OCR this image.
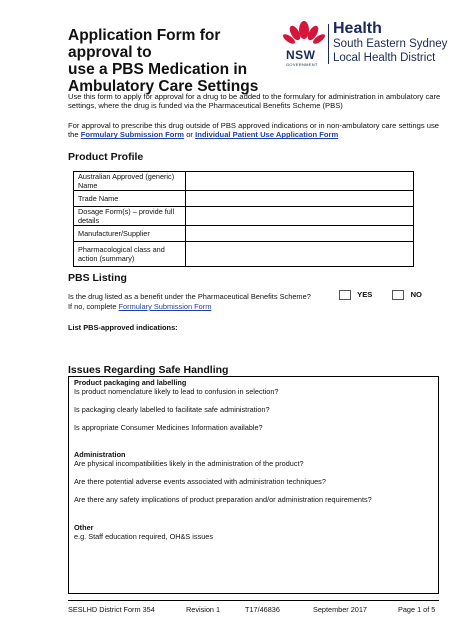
Application Form for approval to
use a PBS Medication in
Ambulatory Care Settings
NSW
GOVERNMENT
Health
South Eastern Sydney
Local Health District
Use this form to apply for approval for a drug to be added to the formulary for administration in ambulatory care settings, where the drug is funded via the Pharmaceutical Benefits Scheme (PBS)
For approval to prescribe this drug outside of PBS approved indications or in non-ambulatory care settings use the Formulary Submission Form or Individual Patient Use Application Form
Product Profile
Australian Approved (generic) Name	
Trade Name	
Dosage Form(s) – provide full details	
Manufacturer/Supplier	
Pharmacological class and action (summary)	
PBS Listing
Is the drug listed as a benefit under the Pharmaceutical Benefits Scheme?	YES	NO
If no, complete Formulary Submission Form
List PBS-approved indications:
Issues Regarding Safe Handling
Product packaging and labelling
Is product nomenclature likely to lead to confusion in selection?
Is packaging clearly labelled to facilitate safe administration?
Is appropriate Consumer Medicines Information available?
Administration
Are physical incompatibilities likely in the administration of the product?
Are there potential adverse events associated with administration techniques?
Are there any safety implications of product preparation and/or administration requirements?
Other
e.g. Staff education required, OH&S issues
SESLHD District Form 354	Revision 1	T17/46836	September 2017	Page 1 of 5
